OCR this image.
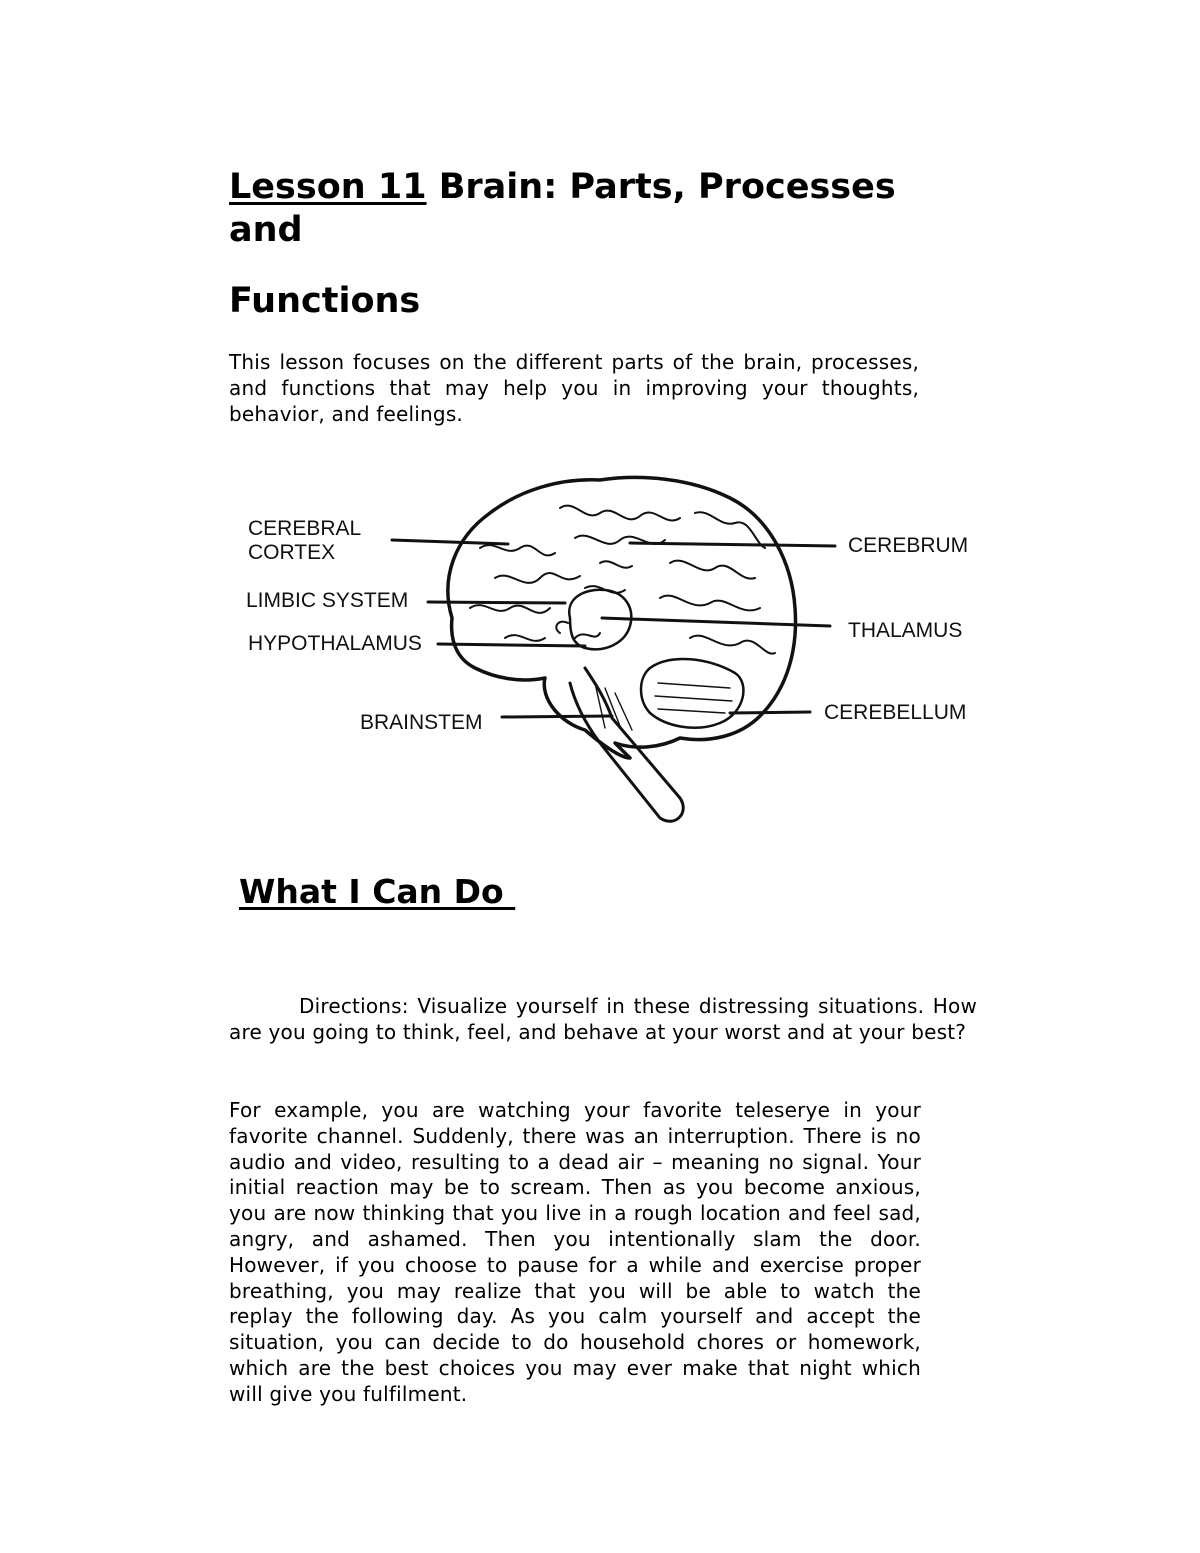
Lesson 11 Brain: Parts, Processes and
Functions

This lesson focuses on the different parts of the brain, processes, and functions that may help you in improving your thoughts, behavior, and feelings.

CEREBRAL
CORTEX
LIMBIC SYSTEM
HYPOTHALAMUS
BRAINSTEM
CEREBRUM
THALAMUS
CEREBELLUM
What I Can Do

Directions: Visualize yourself in these distressing situations. How are you going to think, feel, and behave at your worst and at your best?

For example, you are watching your favorite teleserye in your favorite channel. Suddenly, there was an interruption. There is no audio and video, resulting to a dead air – meaning no signal. Your initial reaction may be to scream. Then as you become anxious, you are now thinking that you live in a rough location and feel sad, angry, and ashamed. Then you intentionally slam the door. However, if you choose to pause for a while and exercise proper breathing, you may realize that you will be able to watch the replay the following day. As you calm yourself and accept the situation, you can decide to do household chores or homework, which are the best choices you may ever make that night which will give you fulfilment.
